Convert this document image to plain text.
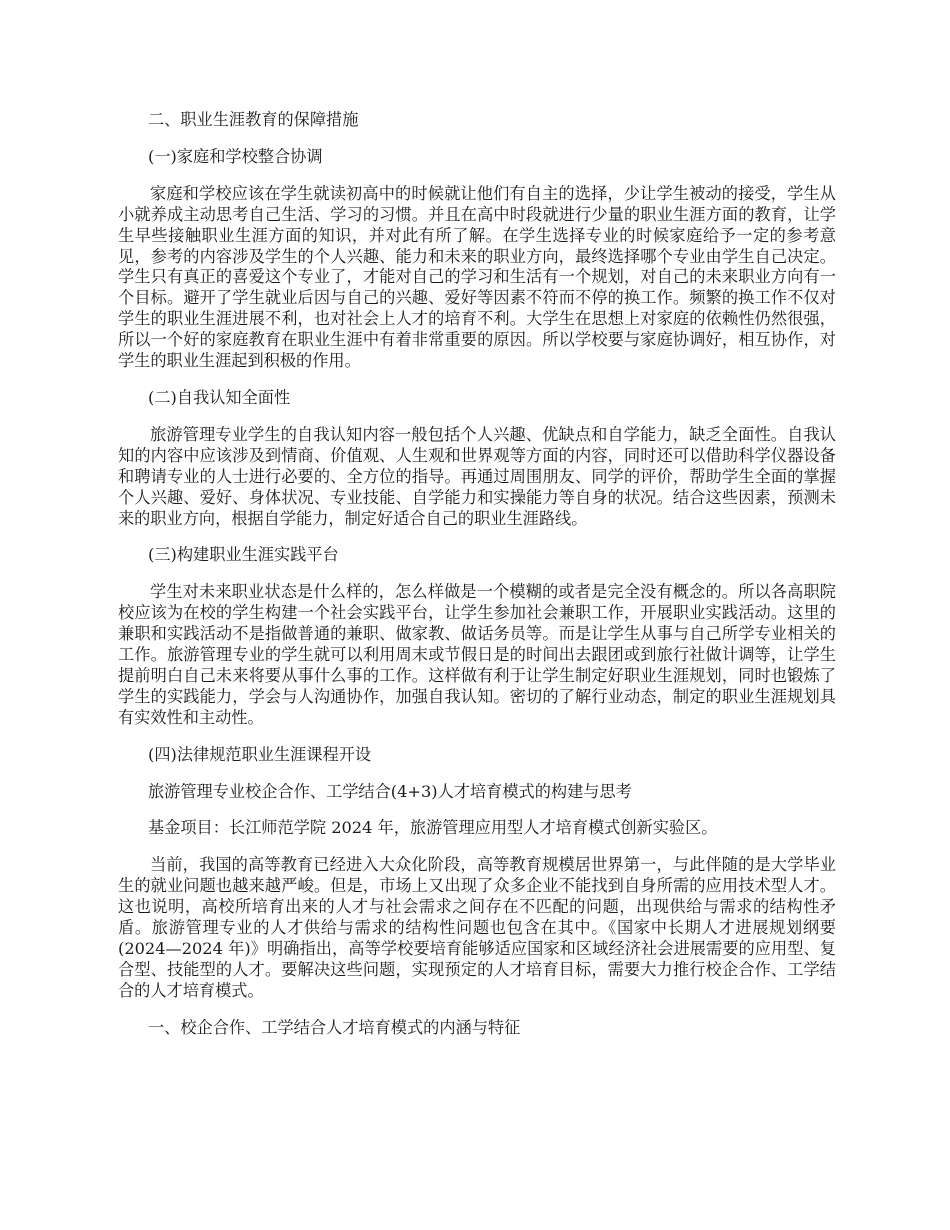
二、职业生涯教育的保障措施

(一)家庭和学校整合协调

家庭和学校应该在学生就读初高中的时候就让他们有自主的选择，少让学生被动的接受，学生从小就养成主动思考自己生活、学习的习惯。并且在高中时段就进行少量的职业生涯方面的教育，让学生早些接触职业生涯方面的知识，并对此有所了解。在学生选择专业的时候家庭给予一定的参考意见，参考的内容涉及学生的个人兴趣、能力和未来的职业方向，最终选择哪个专业由学生自己决定。学生只有真正的喜爱这个专业了，才能对自己的学习和生活有一个规划，对自己的未来职业方向有一个目标。避开了学生就业后因与自己的兴趣、爱好等因素不符而不停的换工作。频繁的换工作不仅对学生的职业生涯进展不利，也对社会上人才的培育不利。大学生在思想上对家庭的依赖性仍然很强，所以一个好的家庭教育在职业生涯中有着非常重要的原因。所以学校要与家庭协调好，相互协作，对学生的职业生涯起到积极的作用。

(二)自我认知全面性

旅游管理专业学生的自我认知内容一般包括个人兴趣、优缺点和自学能力，缺乏全面性。自我认知的内容中应该涉及到情商、价值观、人生观和世界观等方面的内容，同时还可以借助科学仪器设备和聘请专业的人士进行必要的、全方位的指导。再通过周围朋友、同学的评价，帮助学生全面的掌握个人兴趣、爱好、身体状况、专业技能、自学能力和实操能力等自身的状况。结合这些因素，预测未来的职业方向，根据自学能力，制定好适合自己的职业生涯路线。

(三)构建职业生涯实践平台

学生对未来职业状态是什么样的，怎么样做是一个模糊的或者是完全没有概念的。所以各高职院校应该为在校的学生构建一个社会实践平台，让学生参加社会兼职工作，开展职业实践活动。这里的兼职和实践活动不是指做普通的兼职、做家教、做话务员等。而是让学生从事与自己所学专业相关的工作。旅游管理专业的学生就可以利用周末或节假日是的时间出去跟团或到旅行社做计调等，让学生提前明白自己未来将要从事什么事的工作。这样做有利于让学生制定好职业生涯规划，同时也锻炼了学生的实践能力，学会与人沟通协作，加强自我认知。密切的了解行业动态，制定的职业生涯规划具有实效性和主动性。

(四)法律规范职业生涯课程开设

旅游管理专业校企合作、工学结合(4+3)人才培育模式的构建与思考

基金项目：长江师范学院 2024 年，旅游管理应用型人才培育模式创新实验区。

当前，我国的高等教育已经进入大众化阶段，高等教育规模居世界第一，与此伴随的是大学毕业生的就业问题也越来越严峻。但是，市场上又出现了众多企业不能找到自身所需的应用技术型人才。这也说明，高校所培育出来的人才与社会需求之间存在不匹配的问题，出现供给与需求的结构性矛盾。旅游管理专业的人才供给与需求的结构性问题也包含在其中。《国家中长期人才进展规划纲要(2024—2024 年)》明确指出，高等学校要培育能够适应国家和区域经济社会进展需要的应用型、复合型、技能型的人才。要解决这些问题，实现预定的人才培育目标，需要大力推行校企合作、工学结合的人才培育模式。

一、校企合作、工学结合人才培育模式的内涵与特征
